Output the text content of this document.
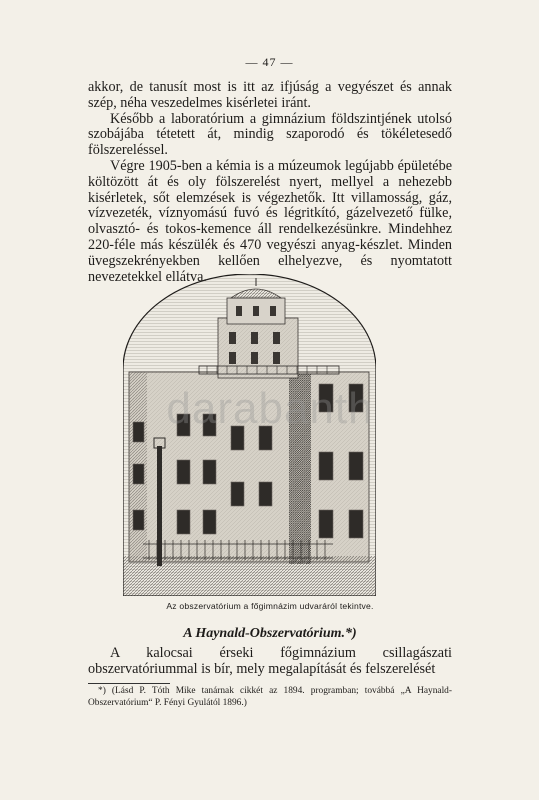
— 47 —

akkor, de tanusít most is itt az ifjúság a vegyészet és annak szép, néha veszedelmes kisérletei iránt.

Később a laboratórium a gimnázium földszintjének utolsó szobájába tétetett át, mindig szaporodó és tökéletesedő fölszereléssel.

Végre 1905-ben a kémia is a múzeumok legújabb épületébe költözött át és oly fölszerelést nyert, mellyel a nehezebb kisérletek, sőt elemzések is végezhetők. Itt villamosság, gáz, vízvezeték, víznyomású fuvó és légritkító, gázelvezető fülke, olvasztó- és tokos-kemence áll rendelkezésünkre. Mindehhez 220-féle más készülék és 470 vegyészi anyag-készlet. Minden üvegszekrényekben kellően elhelyezve, és nyomtatott nevezetekkel ellátva.

darabanth
Az obszervatórium a főgimnázim udvaráról tekintve.
A Haynald-Obszervatórium.*)

A kalocsai érseki főgimnázium csillagászati obszervatóriummal is bír, mely megalapítását és felszerelését

*) (Lásd P. Tóth Mike tanárnak cikkét az 1894. programban; továbbá „A Haynald-Obszervatórium“ P. Fényi Gyulától 1896.)
